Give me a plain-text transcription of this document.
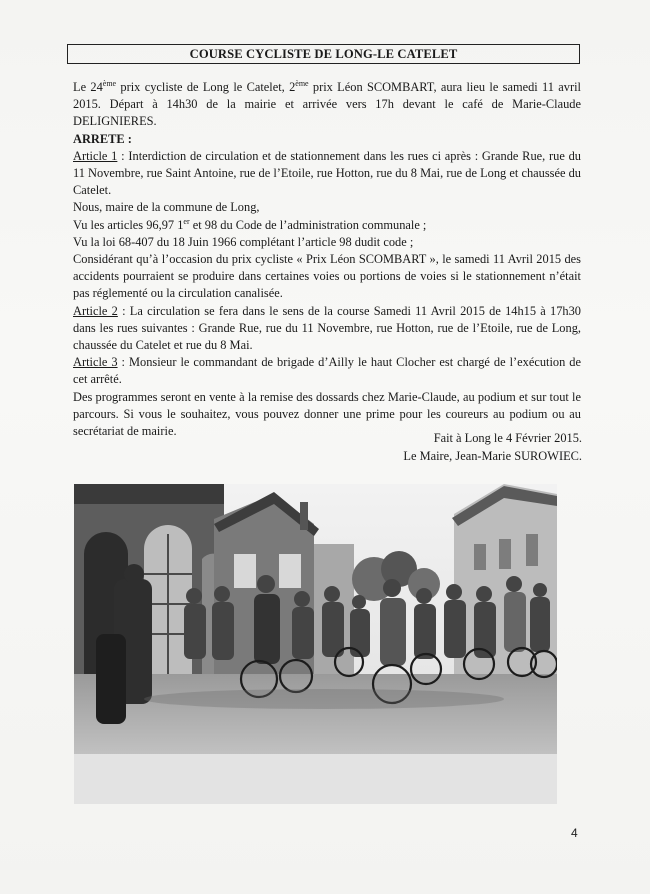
COURSE CYCLISTE DE LONG-LE CATELET

Le 24ème prix cycliste de Long le Catelet, 2ème prix Léon SCOMBART, aura lieu le samedi 11 avril 2015. Départ à 14h30 de la mairie et arrivée vers 17h devant le café de Marie-Claude DELIGNIERES.

ARRETE :

Article 1 : Interdiction de circulation et de stationnement dans les rues ci après : Grande Rue, rue du 11 Novembre, rue Saint Antoine, rue de l’Etoile, rue Hotton, rue du 8 Mai, rue de Long et chaussée du Catelet.

Nous, maire de la commune de Long,

Vu les articles 96,97 1er et 98 du Code de l’administration communale ;

Vu la loi 68-407 du 18 Juin 1966 complétant l’article 98 dudit code ;

Considérant qu’à l’occasion du prix cycliste « Prix Léon SCOMBART », le samedi 11 Avril 2015 des accidents pourraient se produire dans certaines voies ou portions de voies si le stationnement n’était pas réglementé ou la circulation canalisée.

Article 2 : La circulation se fera dans le sens de la course Samedi 11 Avril 2015 de 14h15 à 17h30 dans les rues suivantes : Grande Rue, rue du 11 Novembre, rue Hotton, rue de l’Etoile, rue de Long, chaussée du Catelet et rue du 8 Mai.

Article 3 : Monsieur le commandant de brigade d’Ailly le haut Clocher est chargé de l’exécution de cet arrêté.

Des programmes seront en vente à la remise des dossards chez Marie-Claude, au podium et sur tout le parcours. Si vous le souhaitez, vous pouvez donner une prime pour les coureurs au podium ou au secrétariat de mairie.	Fait à Long le 4 Février 2015.
Le Maire, Jean-Marie SUROWIEC.
4
